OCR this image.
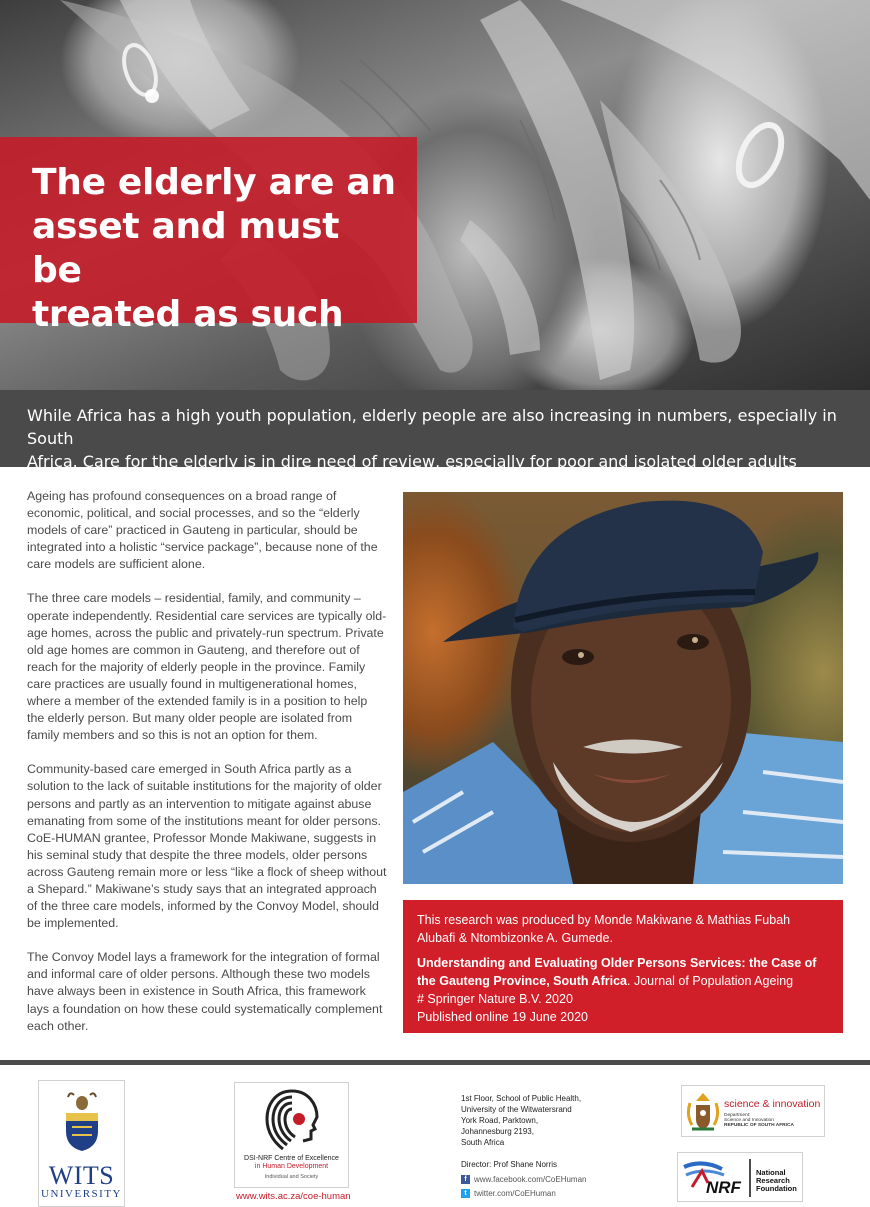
The elderly are an
asset and must be
treated as such
While Africa has a high youth population, elderly people are also increasing in numbers, especially in South
Africa. Care for the elderly is in dire need of review, especially for poor and isolated older adults

Ageing has profound consequences on a broad range of economic, political, and social processes, and so the “elderly models of care” practiced in Gauteng in particular, should be integrated into a holistic “service package”, because none of the care models are sufficient alone.

The three care models – residential, family, and community – operate independently. Residential care services are typically old-age homes, across the public and privately-run spectrum. Private old age homes are common in Gauteng, and therefore out of reach for the majority of elderly people in the province. Family care practices are usually found in multigenerational homes, where a member of the extended family is in a position to help the elderly person. But many older people are isolated from family members and so this is not an option for them.

Community-based care emerged in South Africa partly as a solution to the lack of suitable institutions for the majority of older persons and partly as an intervention to mitigate against abuse emanating from some of the institutions meant for older persons. CoE-HUMAN grantee, Professor Monde Makiwane, suggests in his seminal study that despite the three models, older persons across Gauteng remain more or less “like a flock of sheep without a Shepard.” Makiwane’s study says that an integrated approach of the three care models, informed by the Convoy Model, should be implemented.

The Convoy Model lays a framework for the integration of formal and informal care of older persons. Although these two models have always been in existence in South Africa, this framework lays a foundation on how these could systematically complement each other.

This research was produced by Monde Makiwane & Mathias Fubah Alubafi & Ntombizonke A. Gumede.
Understanding and Evaluating Older Persons Services: the Case of the Gauteng Province, South Africa. Journal of Population Ageing
# Springer Nature B.V. 2020
Published online 19 June 2020
WITS
UNIVERSITY
DSI-NRF Centre of Excellence
in Human Development
Individual and Society
www.wits.ac.za/coe-human
1st Floor, School of Public Health,
University of the Witwatersrand
York Road, Parktown,
Johannesburg 2193,
South Africa
Director: Prof Shane Norris
f www.facebook.com/CoEHuman
t twitter.com/CoEHuman
science & innovation
Department:
Science and Innovation
REPUBLIC OF SOUTH AFRICA
NRF
National
Research
Foundation
